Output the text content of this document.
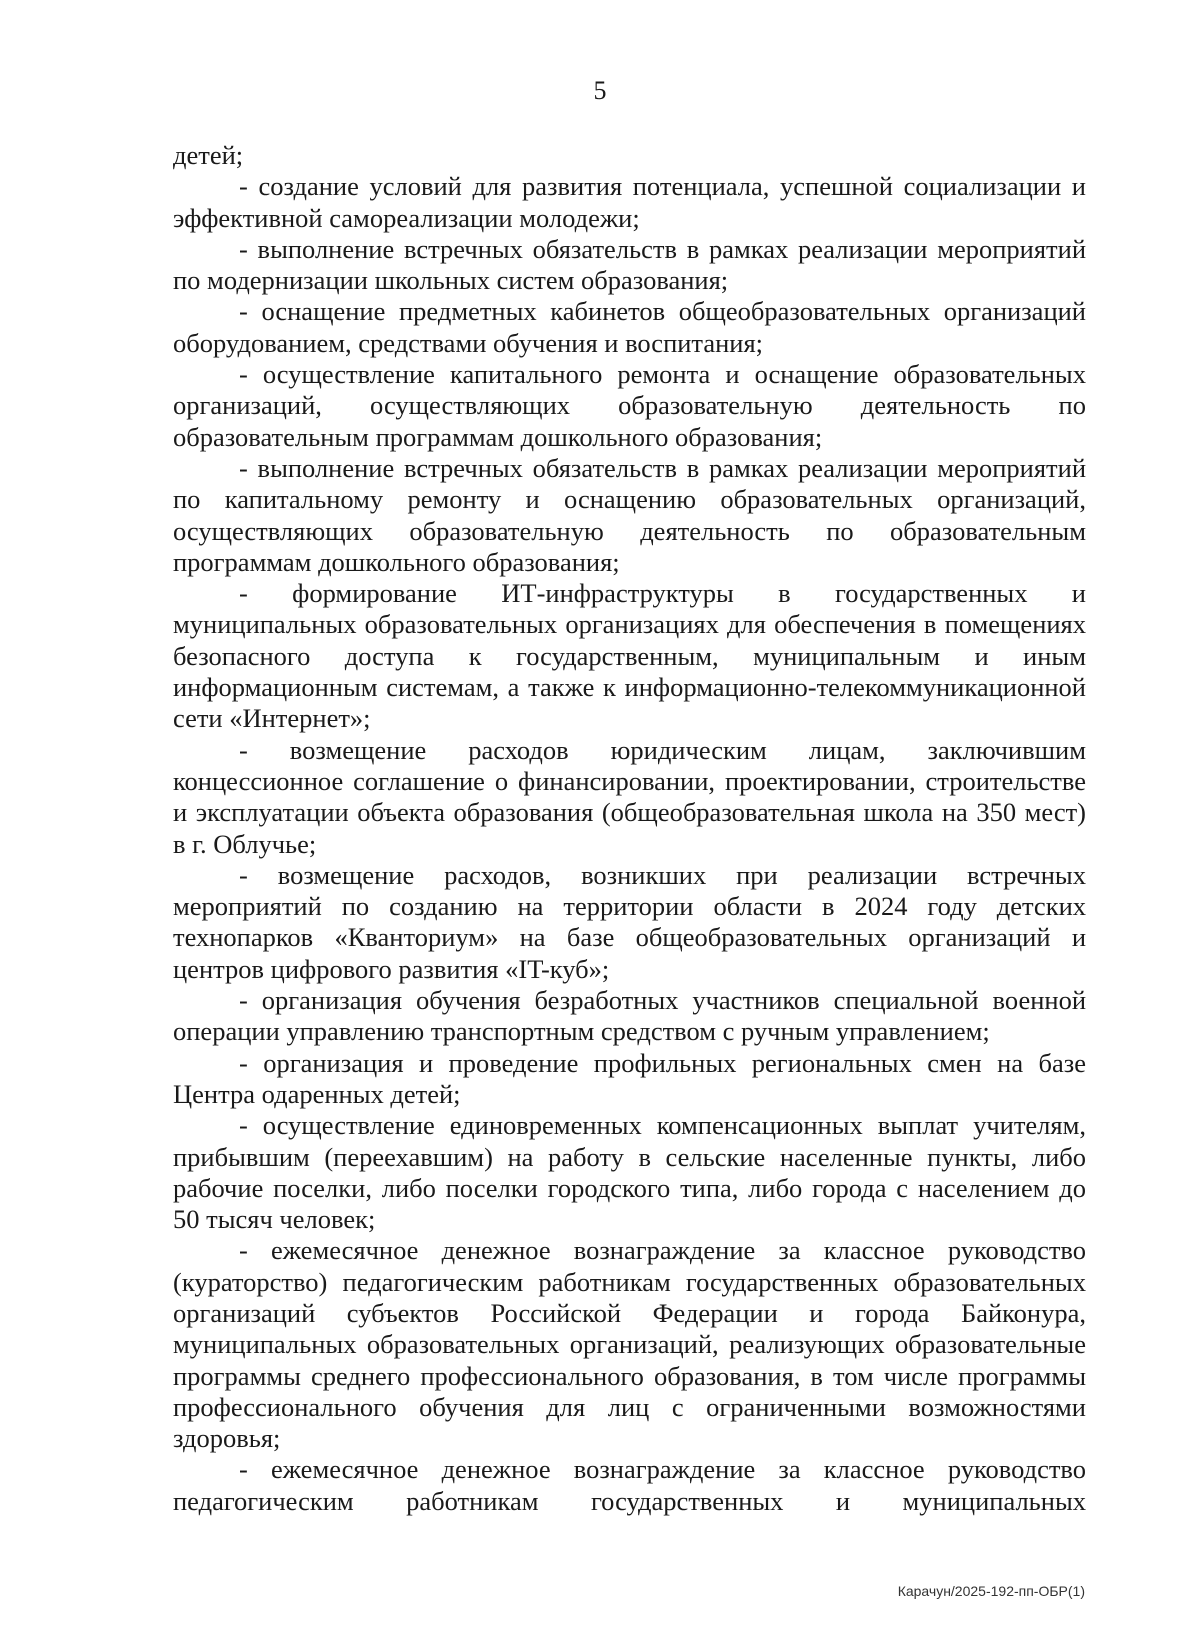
5

детей;

- создание условий для развития потенциала, успешной социализации и эффективной самореализации молодежи;

- выполнение встречных обязательств в рамках реализации мероприятий по модернизации школьных систем образования;

- оснащение предметных кабинетов общеобразовательных организаций оборудованием, средствами обучения и воспитания;

- осуществление капитального ремонта и оснащение образовательных организаций, осуществляющих образовательную деятельность по образовательным программам дошкольного образования;

- выполнение встречных обязательств в рамках реализации мероприятий по капитальному ремонту и оснащению образовательных организаций, осуществляющих образовательную деятельность по образовательным программам дошкольного образования;

- формирование ИТ-инфраструктуры в государственных и муниципальных образовательных организациях для обеспечения в помещениях безопасного доступа к государственным, муниципальным и иным информационным системам, а также к информационно-телекоммуникационной сети «Интернет»;

- возмещение расходов юридическим лицам, заключившим концессионное соглашение о финансировании, проектировании, строительстве и эксплуатации объекта образования (общеобразовательная школа на 350 мест) в г. Облучье;

- возмещение расходов, возникших при реализации встречных мероприятий по созданию на территории области в 2024 году детских технопарков «Кванториум» на базе общеобразовательных организаций и центров цифрового развития «IT-куб»;

- организация обучения безработных участников специальной военной операции управлению транспортным средством с ручным управлением;

- организация и проведение профильных региональных смен на базе Центра одаренных детей;

- осуществление единовременных компенсационных выплат учителям, прибывшим (переехавшим) на работу в сельские населенные пункты, либо рабочие поселки, либо поселки городского типа, либо города с населением до 50 тысяч человек;

- ежемесячное денежное вознаграждение за классное руководство (кураторство) педагогическим работникам государственных образовательных организаций субъектов Российской Федерации и города Байконура, муниципальных образовательных организаций, реализующих образовательные программы среднего профессионального образования, в том числе программы профессионального обучения для лиц с ограниченными возможностями здоровья;

- ежемесячное денежное вознаграждение за классное руководство педагогическим работникам государственных и муниципальных

Карачун/2025-192-пп-ОБР(1)
